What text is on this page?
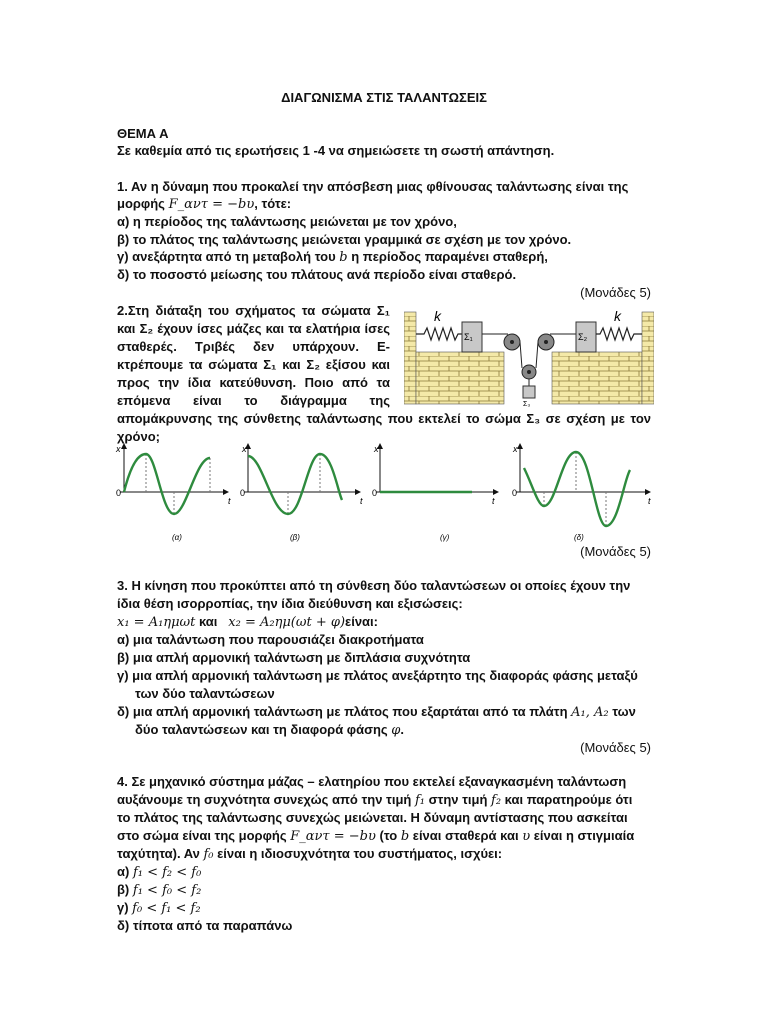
ΔΙΑΓΩΝΙΣΜΑ ΣΤΙΣ ΤΑΛΑΝΤΩΣΕΙΣ
ΘΕΜΑ Α
Σε καθεμία από τις ερωτήσεις 1 -4 να σημειώσετε τη σωστή απάντηση.
1. Αν η δύναμη που προκαλεί την απόσβεση μιας φθίνουσας ταλάντωσης είναι της
μορφής F_αντ = −bυ, τότε:
α) η περίοδος της ταλάντωσης μειώνεται με τον χρόνο,
β) το πλάτος της ταλάντωσης μειώνεται γραμμικά σε σχέση με τον χρόνο.
γ) ανεξάρτητα από τη μεταβολή του b η περίοδος παραμένει σταθερή,
δ) το ποσοστό μείωσης του πλάτους ανά περίοδο είναι σταθερό.
(Μονάδες 5)
2.Στη διάταξη του σχήματος τα σώματα Σ₁
και Σ₂ έχουν ίσες μάζες και τα ελατήρια ίσες
σταθερές. Τριβές δεν υπάρχουν. Ε-
κτρέπουμε τα σώματα Σ₁ και Σ₂ εξίσου και
προς την ίδια κατεύθυνση. Ποιο από τα
επόμενα είναι το διάγραμμα της
απομάκρυνσης της σύνθετης ταλάντωσης που εκτελεί το σώμα Σ₃ σε σχέση με τον
χρόνο;
k
Σ₁
Σ₃
Σ₂
k
x
t
0
(α)
x
t
0
(β)
x
t
0
(γ)
x
t
0
(δ)
(Μονάδες 5)
3. Η κίνηση που προκύπτει από τη σύνθεση δύο ταλαντώσεων οι οποίες έχουν την
ίδια θέση ισορροπίας, την ίδια διεύθυνση και εξισώσεις:
x₁ = A₁ημωt και   x₂ = A₂ημ(ωt + φ)είναι:
α) μια ταλάντωση που παρουσιάζει διακροτήματα
β) μια απλή αρμονική ταλάντωση με διπλάσια συχνότητα
γ) μια απλή αρμονική ταλάντωση με πλάτος ανεξάρτητο της διαφοράς φάσης μεταξύ
των δύο ταλαντώσεων
δ) μια απλή αρμονική ταλάντωση με πλάτος που εξαρτάται από τα πλάτη A₁, A₂ των
δύο ταλαντώσεων και τη διαφορά φάσης φ.
(Μονάδες 5)
4. Σε μηχανικό σύστημα μάζας – ελατηρίου που εκτελεί εξαναγκασμένη ταλάντωση
αυξάνουμε τη συχνότητα συνεχώς από την τιμή f₁ στην τιμή f₂ και παρατηρούμε ότι
το πλάτος της ταλάντωσης συνεχώς μειώνεται. Η δύναμη αντίστασης που ασκείται
στο σώμα είναι της μορφής F_αντ = −bυ (το b είναι σταθερά και υ είναι η στιγμιαία
ταχύτητα). Αν f₀ είναι η ιδιοσυχνότητα του συστήματος, ισχύει:
α) f₁ < f₂ < f₀
β) f₁ < f₀ < f₂
γ) f₀ < f₁ < f₂
δ) τίποτα από τα παραπάνω
